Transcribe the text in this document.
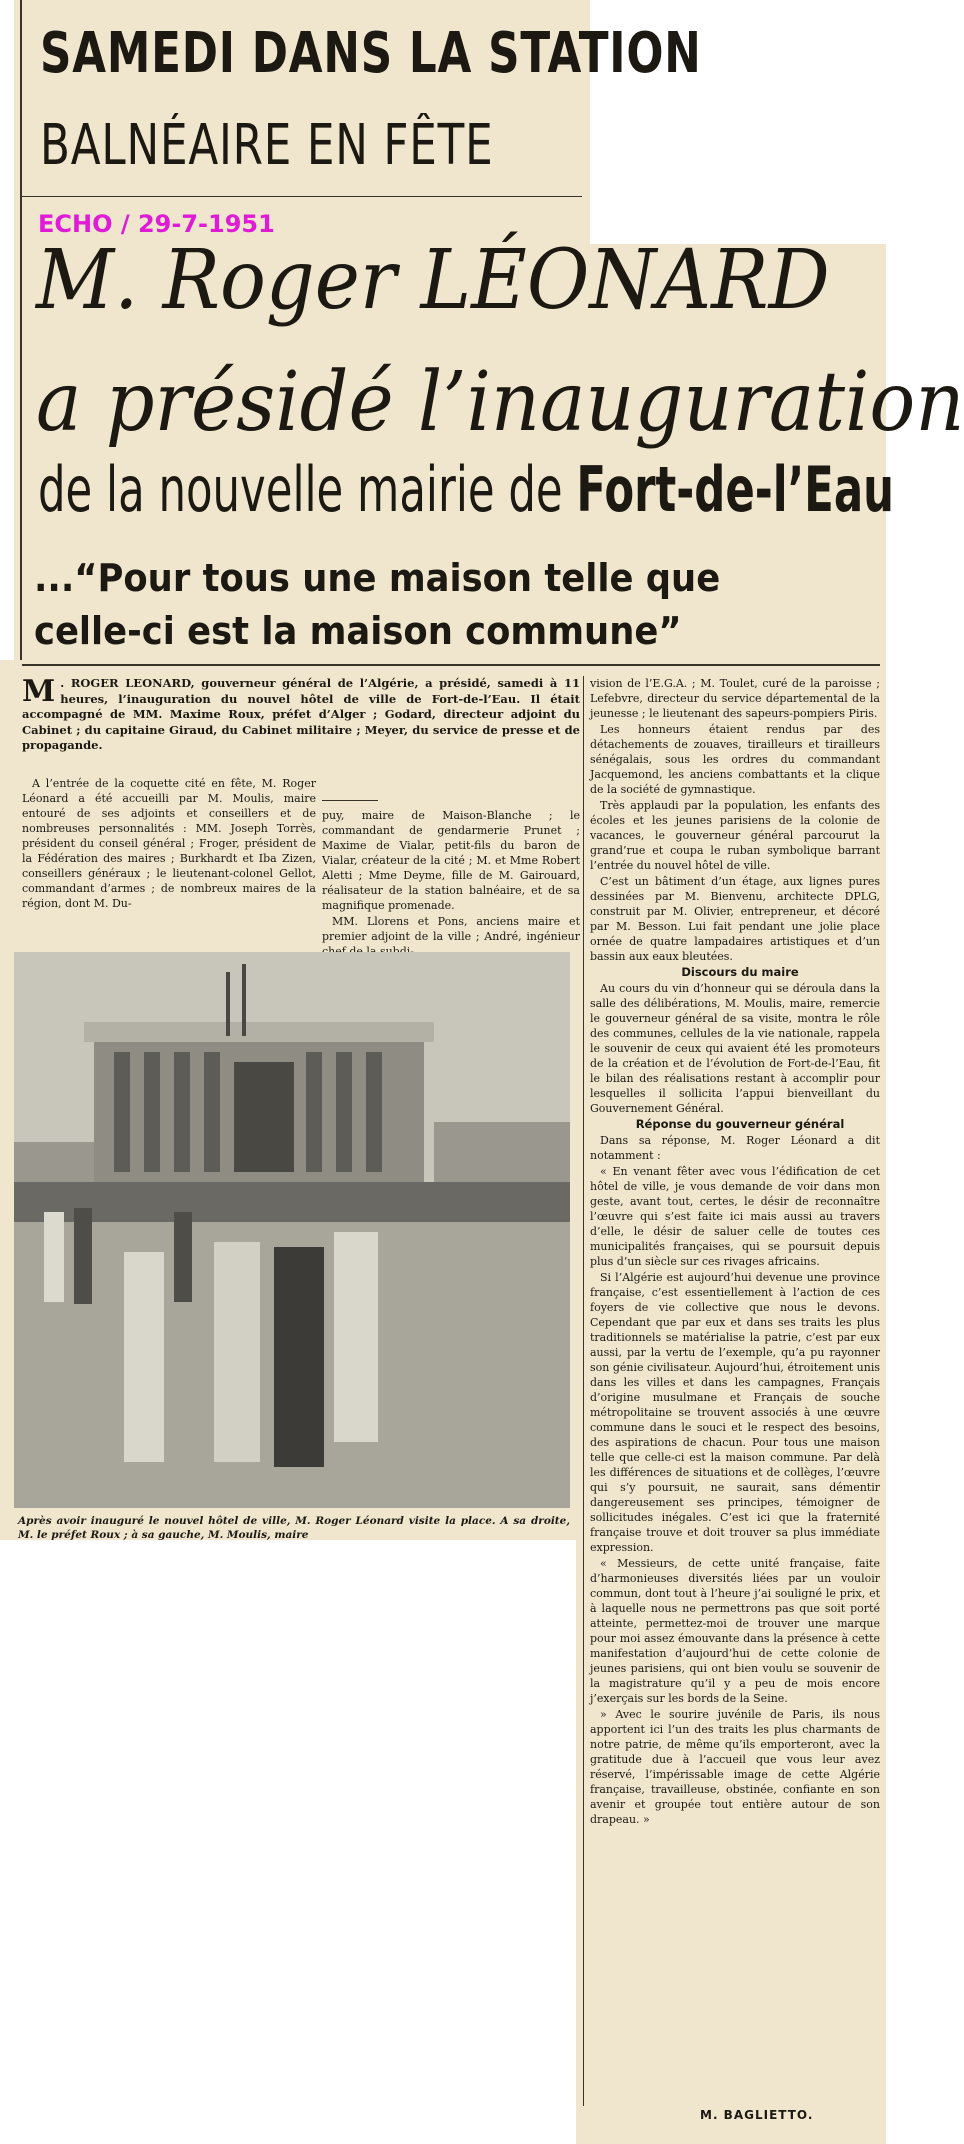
SAMEDI DANS LA STATION
BALNÉAIRE EN FÊTE
ECHO / 29-7-1951
M. Roger LÉONARD
a présidé l’inauguration
de la nouvelle mairie de Fort-de-l’Eau
...“Pour tous une maison telle que
celle-ci est la maison commune”
M . ROGER LEONARD, gouverneur général de l’Algérie, a présidé, samedi à 11 heures, l’inauguration du nouvel hôtel de ville de Fort-de-l’Eau. Il était accompagné de MM. Maxime Roux, préfet d’Alger ; Godard, directeur adjoint du Cabinet ; du capitaine Giraud, du Cabinet militaire ; Meyer, du service de presse et de propagande.

A l’entrée de la coquette cité en fête, M. Roger Léonard a été accueilli par M. Moulis, maire entouré de ses adjoints et conseillers et de nombreuses personnalités : MM. Joseph Torrès, président du conseil général ; Froger, président de la Fédération des maires ; Burkhardt et Iba Zizen, conseillers généraux ; le lieutenant-colonel Gellot, commandant d’armes ; de nombreux maires de la région, dont M. Du-

puy, maire de Maison-Blanche ; le commandant de gendarmerie Prunet ; Maxime de Vialar, petit-fils du baron de Vialar, créateur de la cité ; M. et Mme Robert Aletti ; Mme Deyme, fille de M. Gairouard, réalisateur de la station balnéaire, et de sa magnifique promenade.

MM. Llorens et Pons, anciens maire et premier adjoint de la ville ; André, ingénieur

Après avoir inauguré le nouvel hôtel de ville, M. Roger Léonard visite la place. A sa droite, M. le préfet Roux ; à sa gauche, M. Moulis, maire

vision de l’E.G.A. ; M. Toulet, curé de la paroisse ; Lefebvre, directeur du service départemental de la jeunesse ; le lieutenant des sapeurs-pompiers Piris.

Les honneurs étaient rendus par des détachements de zouaves, tirailleurs et tirailleurs sénégalais, sous les ordres du commandant Jacquemond, les anciens combattants et la clique de la société de gymnastique.

Très applaudi par la population, les enfants des écoles et les jeunes parisiens de la colonie de vacances, le gouverneur général parcourut la grand’rue et coupa le ruban symbolique barrant l’entrée du nouvel hôtel de ville.

C’est un bâtiment d’un étage, aux lignes pures dessinées par M. Bienvenu, architecte DPLG, construit par M. Olivier, entrepreneur, et décoré par M. Besson. Lui fait pendant une jolie place ornée de quatre lampadaires artistiques et d’un bassin aux eaux bleutées.

Discours du maire

Au cours du vin d’honneur qui se déroula dans la salle des délibérations, M. Moulis, maire, remercie le gouverneur général de sa visite, montra le rôle des communes, cellules de la vie nationale, rappela le souvenir de ceux qui avaient été les promoteurs de la création et de l’évolution de Fort-de-l’Eau, fit le bilan des réalisations restant à accomplir pour lesquelles il sollicita l’appui bienveillant du Gouvernement Général.

Réponse du gouverneur général

Dans sa réponse, M. Roger Léonard a dit notamment :

« En venant fêter avec vous l’édification de cet hôtel de ville, je vous demande de voir dans mon geste, avant tout, certes, le désir de reconnaître l’œuvre qui s’est faite ici mais aussi au travers d’elle, le désir de saluer celle de toutes ces municipalités françaises, qui se poursuit depuis plus d’un siècle sur ces rivages africains.

Si l’Algérie est aujourd’hui devenue une province française, c’est essentiellement à l’action de ces foyers de vie collective que nous le devons. Cependant que par eux et dans ses traits les plus traditionnels se matérialise la patrie, c’est par eux aussi, par la vertu de l’exemple, qu’a pu rayonner son génie civilisateur. Aujourd’hui, étroitement unis dans les villes et dans les campagnes, Français d’origine musulmane et Français de souche métropolitaine se trouvent associés à une œuvre commune dans le souci et le respect des besoins, des aspirations de chacun. Pour tous une maison telle que celle-ci est la maison commune. Par delà les différences de situations et de collèges, l’œuvre qui s’y poursuit, ne saurait, sans démentir dangereusement ses principes, témoigner de sollicitudes inégales. C’est ici que la fraternité française trouve et doit trouver sa plus immédiate expression.

« Messieurs, de cette unité française, faite d’harmonieuses diversités liées par un vouloir commun, dont tout à l’heure j’ai souligné le prix, et à laquelle nous ne permettrons pas que soit porté atteinte, permettez-moi de trouver une marque pour moi assez émouvante dans la présence à cette manifestation d’aujourd’hui de cette colonie de jeunes parisiens, qui ont bien voulu se souvenir de la magistrature qu’il y a peu de mois encore j’exerçais sur les bords de la Seine.

» Avec le sourire juvénile de Paris, ils nous apportent ici l’un des traits les plus charmants de notre patrie, de même qu’ils emporteront, avec la gratitude due à l’accueil que vous leur avez réservé, l’impérissable image de cette Algérie française, travailleuse, obstinée, confiante en son avenir et groupée tout entière autour de son drapeau. »

M. BAGLIETTO.
